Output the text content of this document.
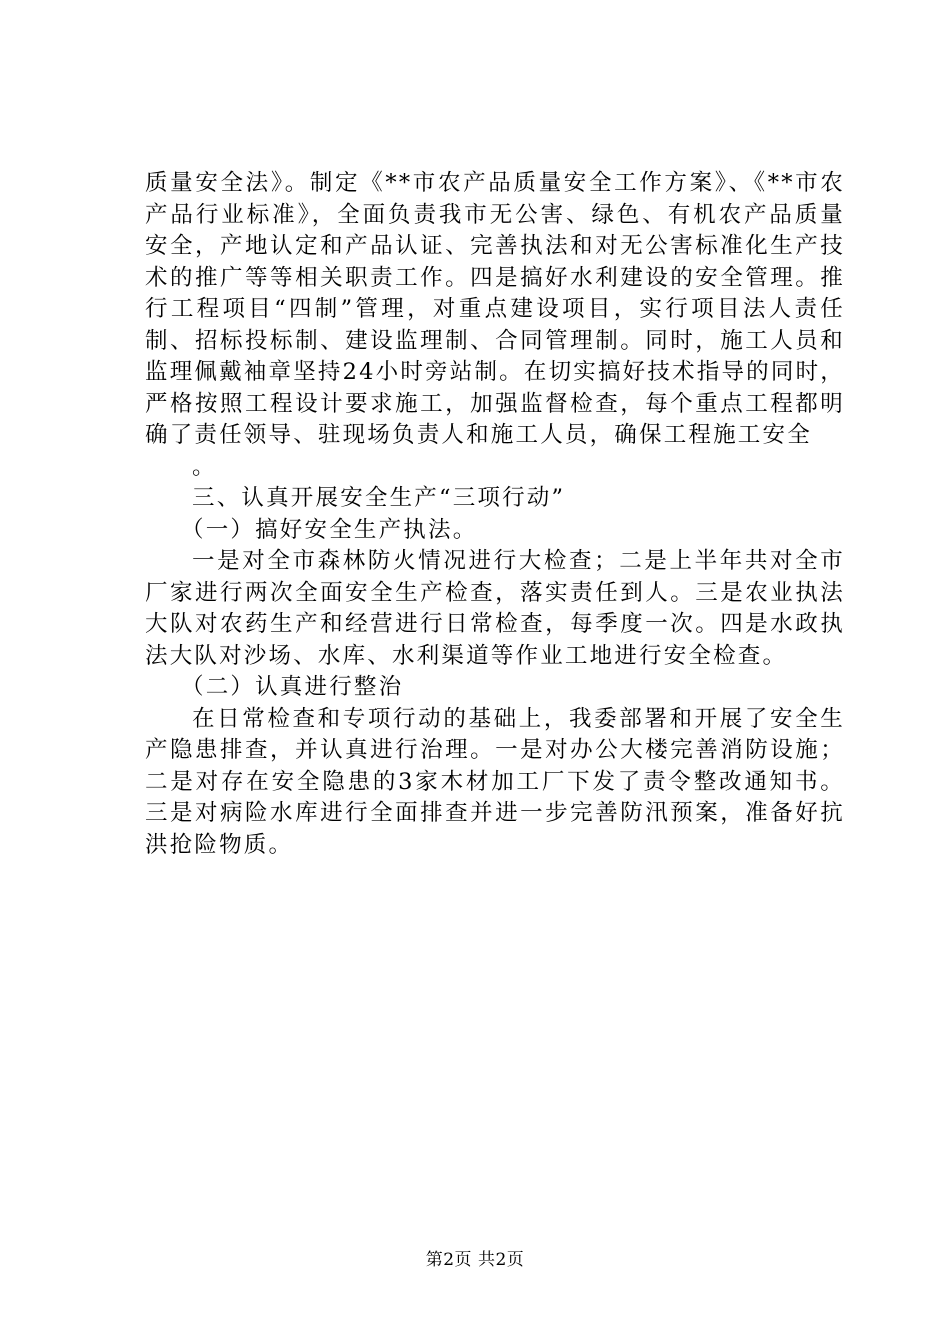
质量安全法》。制定《**市农产品质量安全工作方案》、《**市农产品行业标准》，全面负责我市无公害、绿色、有机农产品质量安全，产地认定和产品认证、完善执法和对无公害标准化生产技术的推广等等相关职责工作。四是搞好水利建设的安全管理。推行工程项目“四制”管理，对重点建设项目，实行项目法人责任制、招标投标制、建设监理制、合同管理制。同时，施工人员和监理佩戴袖章坚持24小时旁站制。在切实搞好技术指导的同时，严格按照工程设计要求施工，加强监督检查，每个重点工程都明确了责任领导、驻现场负责人和施工人员，确保工程施工安全

。

三、认真开展安全生产“三项行动”

（一）搞好安全生产执法。

一是对全市森林防火情况进行大检查；二是上半年共对全市厂家进行两次全面安全生产检查，落实责任到人。三是农业执法大队对农药生产和经营进行日常检查，每季度一次。四是水政执法大队对沙场、水库、水利渠道等作业工地进行安全检查。

（二）认真进行整治

在日常检查和专项行动的基础上，我委部署和开展了安全生产隐患排查，并认真进行治理。一是对办公大楼完善消防设施；二是对存在安全隐患的3家木材加工厂下发了责令整改通知书。三是对病险水库进行全面排查并进一步完善防汛预案，准备好抗洪抢险物质。

第2页 共2页
